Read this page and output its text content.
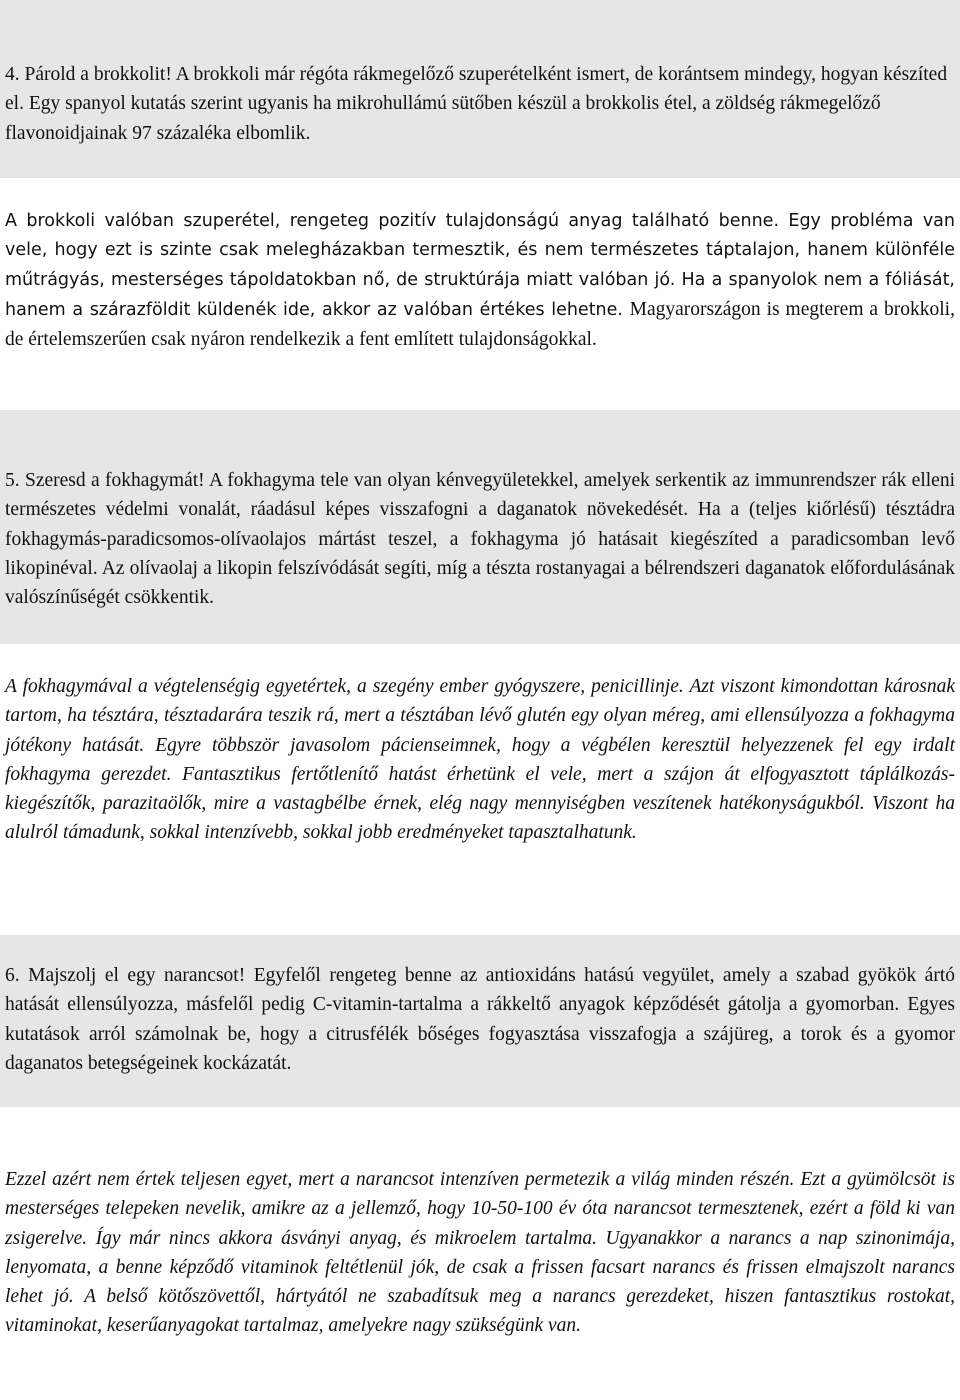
4. Párold a brokkolit! A brokkoli már régóta rákmegelőző szuperételként ismert, de korántsem mindegy, hogyan készíted el. Egy spanyol kutatás szerint ugyanis ha mikrohullámú sütőben készül a brokkolis étel, a zöldség rákmegelőző flavonoidjainak 97 százaléka elbomlik.

A brokkoli valóban szuperétel, rengeteg pozitív tulajdonságú anyag található benne. Egy probléma van vele, hogy ezt is szinte csak melegházakban termesztik, és nem természetes táptalajon, hanem különféle műtrágyás, mesterséges tápoldatokban nő, de struktúrája miatt valóban jó. Ha a spanyolok nem a fóliását, hanem a szárazföldit küldenék ide, akkor az valóban értékes lehetne. Magyarországon is megterem a brokkoli, de értelemszerűen csak nyáron rendelkezik a fent említett tulajdonságokkal.

5. Szeresd a fokhagymát! A fokhagyma tele van olyan kénvegyületekkel, amelyek serkentik az immunrendszer rák elleni természetes védelmi vonalát, ráadásul képes visszafogni a daganatok növekedését. Ha a (teljes kiőrlésű) tésztádra fokhagymás-paradicsomos-olívaolajos mártást teszel, a fokhagyma jó hatásait kiegészíted a paradicsomban levő likopinéval. Az olívaolaj a likopin felszívódását segíti, míg a tészta rostanyagai a bélrendszeri daganatok előfordulásának valószínűségét csökkentik.

A fokhagymával a végtelenségig egyetértek, a szegény ember gyógyszere, penicillinje. Azt viszont kimondottan károsnak tartom, ha tésztára, tésztadarára teszik rá, mert a tésztában lévő glutén egy olyan méreg, ami ellensúlyozza a fokhagyma jótékony hatását. Egyre többször javasolom pácienseimnek, hogy a végbélen keresztül helyezzenek fel egy irdalt fokhagyma gerezdet. Fantasztikus fertőtlenítő hatást érhetünk el vele, mert a szájon át elfogyasztott táplálkozás-kiegészítők, parazitaölők, mire a vastagbélbe érnek, elég nagy mennyiségben veszítenek hatékonyságukból. Viszont ha alulról támadunk, sokkal intenzívebb, sokkal jobb eredményeket tapasztalhatunk.

6. Majszolj el egy narancsot! Egyfelől rengeteg benne az antioxidáns hatású vegyület, amely a szabad gyökök ártó hatását ellensúlyozza, másfelől pedig C-vitamin-tartalma a rákkeltő anyagok képződését gátolja a gyomorban. Egyes kutatások arról számolnak be, hogy a citrusfélék bőséges fogyasztása visszafogja a szájüreg, a torok és a gyomor daganatos betegségeinek kockázatát.

Ezzel azért nem értek teljesen egyet, mert a narancsot intenzíven permetezik a világ minden részén. Ezt a gyümölcsöt is mesterséges telepeken nevelik, amikre az a jellemző, hogy 10-50-100 év óta narancsot termesztenek, ezért a föld ki van zsigerelve. Így már nincs akkora ásványi anyag, és mikroelem tartalma. Ugyanakkor a narancs a nap szinonimája, lenyomata, a benne képződő vitaminok feltétlenül jók, de csak a frissen facsart narancs és frissen elmajszolt narancs lehet jó. A belső kötőszövettől, hártyától ne szabadítsuk meg a narancs gerezdeket, hiszen fantasztikus rostokat, vitaminokat, keserűanyagokat tartalmaz, amelyekre nagy szükségünk van.
